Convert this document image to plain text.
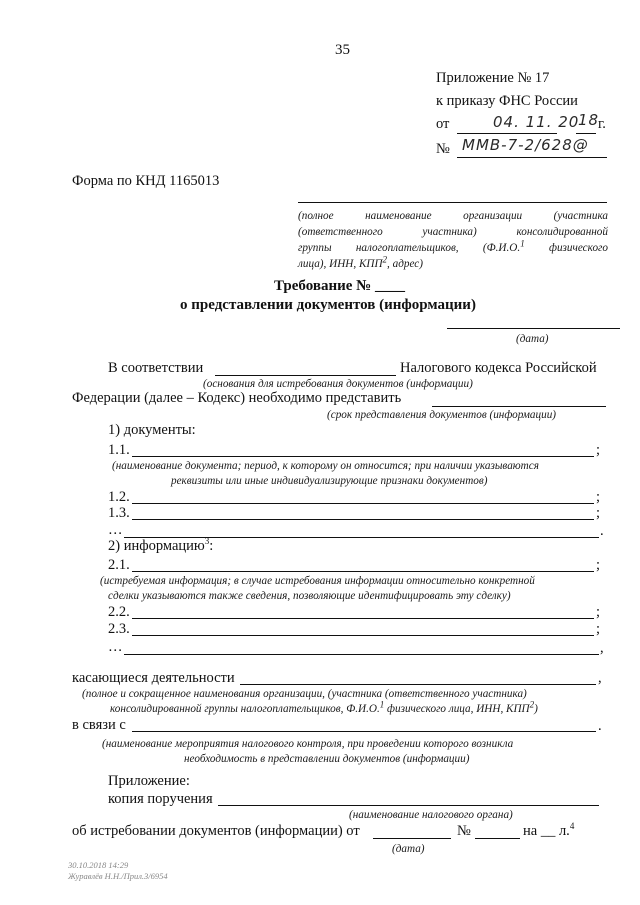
35
Приложение № 17
к приказу ФНС России
от	04. 11. 20
18
г.
№ ММВ-7-2/628@
Форма по КНД 1165013
(полное наименование организации (участника
(ответственного участника) консолидированной
группы налогоплательщиков, (Ф.И.О.$^1$ физического
лица), ИНН, КПП$^2$, адрес)
Требование № ____
о представлении документов (информации)
(дата)
В соответствии	Налогового кодекса Российской
(основания для истребования документов (информации)
Федерации (далее – Кодекс) необходимо представить
(срок представления документов (информации)
1) документы:
1.1.	;
(наименование документа; период, к которому он относится; при наличии указываются
реквизиты или иные индивидуализирующие признаки документов)
1.2.	;
1.3.	;
…	.
2) информацию$^3$:
2.1.	;
(истребуемая информация; в случае истребования информации относительно конкретной
сделки указываются также сведения, позволяющие идентифицировать эту сделку)
2.2.	;
2.3.	;
…	,
касающиеся деятельности	,
(полное и сокращенное наименования организации, (участника (ответственного участника)
консолидированной группы налогоплательщиков, Ф.И.О.$^1$ физического лица, ИНН, КПП$^2$)
в связи с	.
(наименование мероприятия налогового контроля, при проведении которого возникла
необходимость в представлении документов (информации)
Приложение:
копия поручения
(наименование налогового органа)
об истребовании документов (информации) от	№	на __ л.$^4$
(дата)
30.10.2018 14:29
Журавлёв Н.Н./Прил.3/6954
